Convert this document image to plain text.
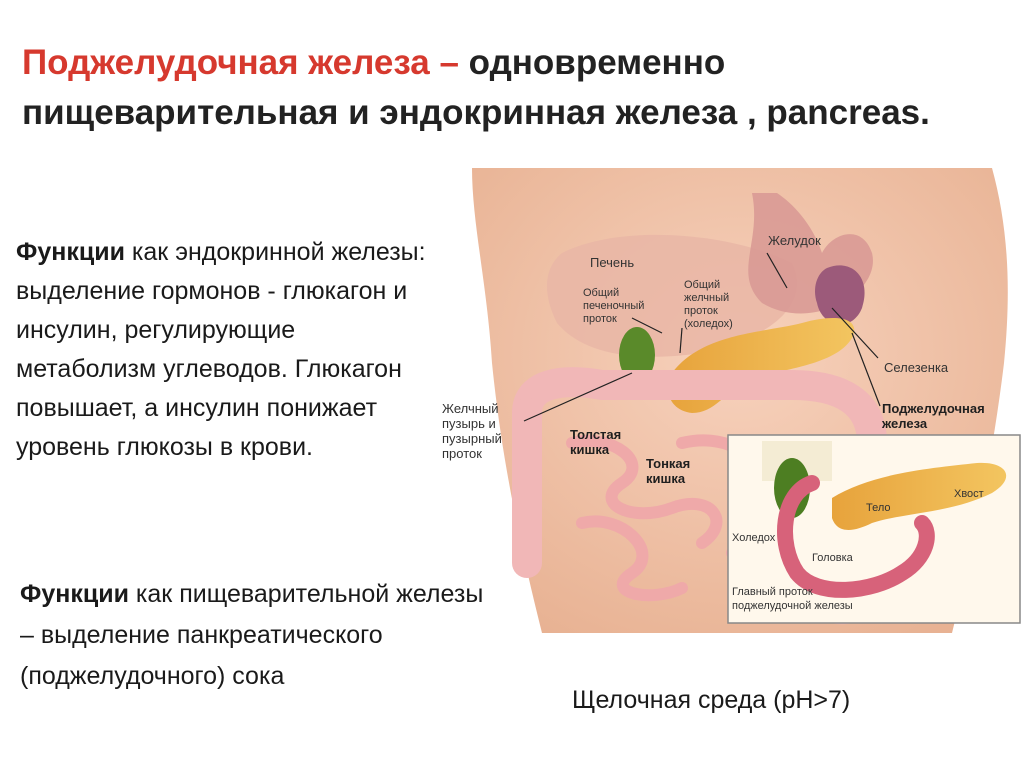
Поджелудочная железа – одновременно пищеварительная и эндокринная железа , pancreas.
Функции как эндокринной железы: выделение гормонов - глюкагон и инсулин, регулирующие метаболизм углеводов. Глюкагон повышает, а инсулин понижает уровень глюкозы в крови.
Функции как пищеварительной железы – выделение панкреатического (поджелудочного) сока
Щелочная среда (pH>7)
Печень
Желудок
Общий
печеночный
проток
Общий
желчный
проток
(холедох)
Селезенка
Поджелудочная
железа
Желчный
пузырь и
пузырный
проток
Толстая
кишка
Тонкая
кишка
Тело
Хвост
Холедох
Головка
Главный проток
поджелудочной железы
